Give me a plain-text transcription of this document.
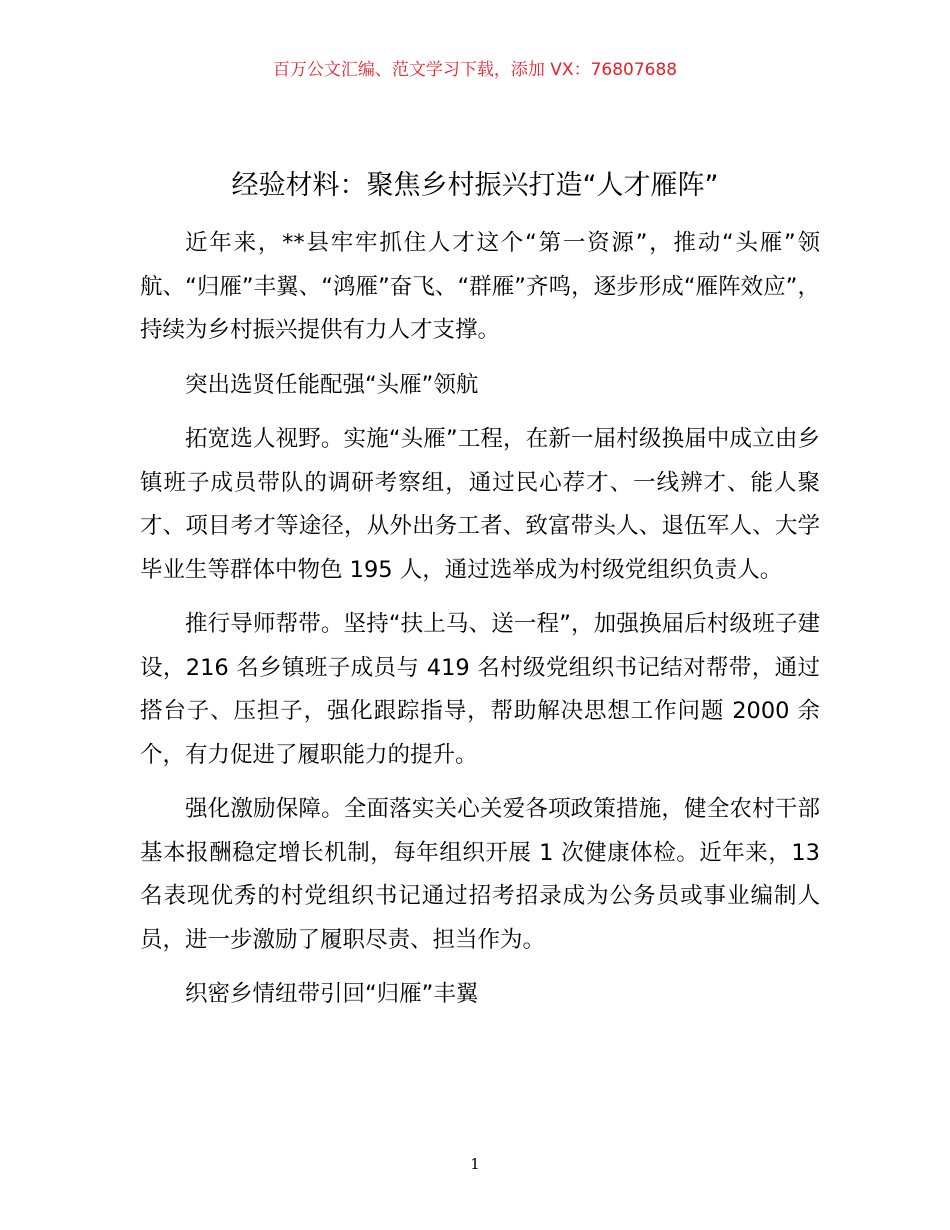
百万公文汇编、范文学习下载，添加 VX：76807688
经验材料：聚焦乡村振兴打造“人才雁阵”

近年来，**县牢牢抓住人才这个“第一资源”，推动“头雁”领航、“归雁”丰翼、“鸿雁”奋飞、“群雁”齐鸣，逐步形成“雁阵效应”，持续为乡村振兴提供有力人才支撑。

突出选贤任能配强“头雁”领航

拓宽选人视野。实施“头雁”工程，在新一届村级换届中成立由乡镇班子成员带队的调研考察组，通过民心荐才、一线辨才、能人聚才、项目考才等途径，从外出务工者、致富带头人、退伍军人、大学毕业生等群体中物色 195 人，通过选举成为村级党组织负责人。

推行导师帮带。坚持“扶上马、送一程”，加强换届后村级班子建设，216 名乡镇班子成员与 419 名村级党组织书记结对帮带，通过搭台子、压担子，强化跟踪指导，帮助解决思想工作问题 2000 余个，有力促进了履职能力的提升。

强化激励保障。全面落实关心关爱各项政策措施，健全农村干部基本报酬稳定增长机制，每年组织开展 1 次健康体检。近年来，13 名表现优秀的村党组织书记通过招考招录成为公务员或事业编制人员，进一步激励了履职尽责、担当作为。

织密乡情纽带引回“归雁”丰翼

1
